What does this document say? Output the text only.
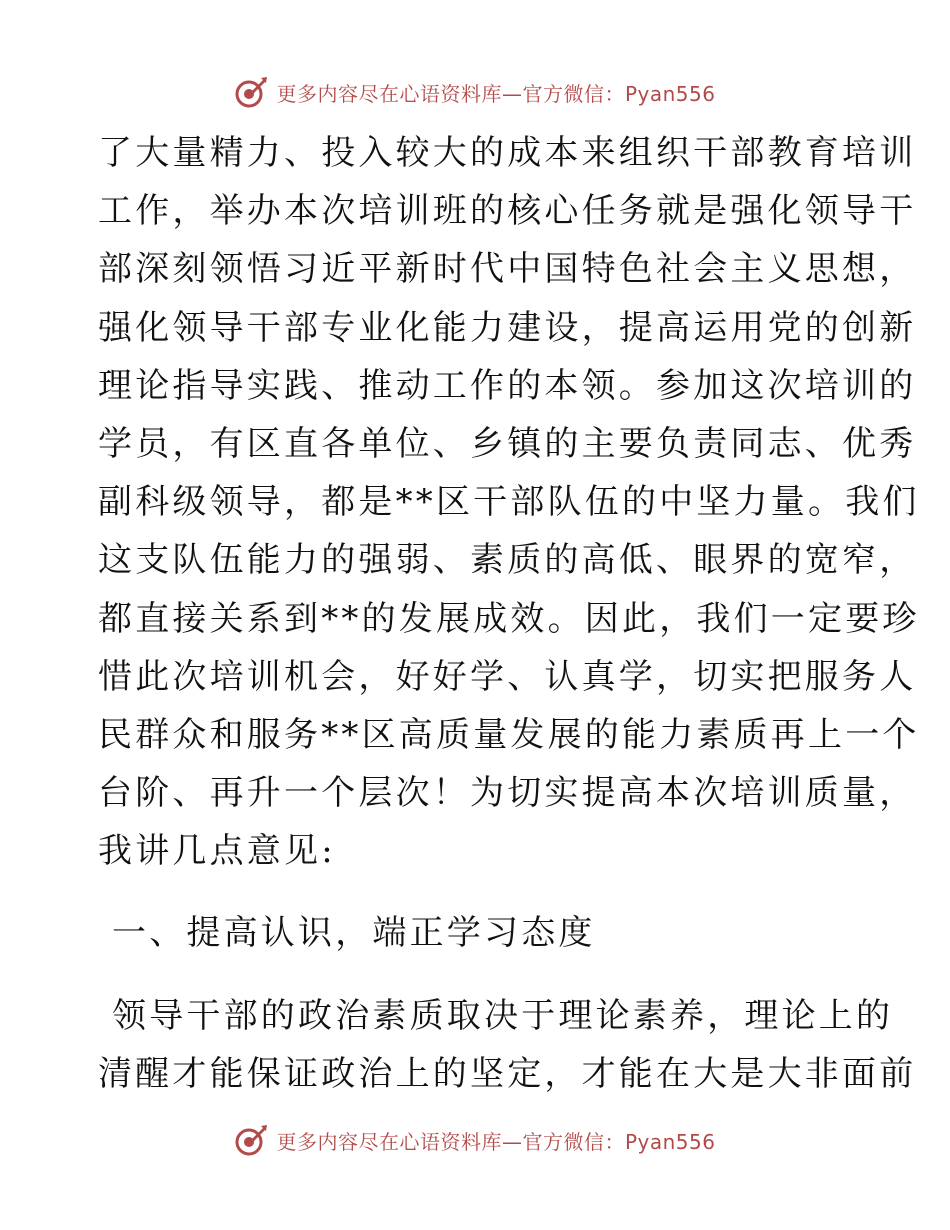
更多内容尽在心语资料库—官方微信：Pyan556
了大量精力、投入较大的成本来组织干部教育培训
工作，举办本次培训班的核心任务就是强化领导干
部深刻领悟习近平新时代中国特色社会主义思想，
强化领导干部专业化能力建设，提高运用党的创新
理论指导实践、推动工作的本领。参加这次培训的
学员，有区直各单位、乡镇的主要负责同志、优秀
副科级领导，都是**区干部队伍的中坚力量。我们
这支队伍能力的强弱、素质的高低、眼界的宽窄，
都直接关系到**的发展成效。因此，我们一定要珍
惜此次培训机会，好好学、认真学，切实把服务人
民群众和服务**区高质量发展的能力素质再上一个
台阶、再升一个层次！为切实提高本次培训质量，
我讲几点意见:
一、提高认识，端正学习态度
领导干部的政治素质取决于理论素养，理论上的
清醒才能保证政治上的坚定，才能在大是大非面前
更多内容尽在心语资料库—官方微信：Pyan556
